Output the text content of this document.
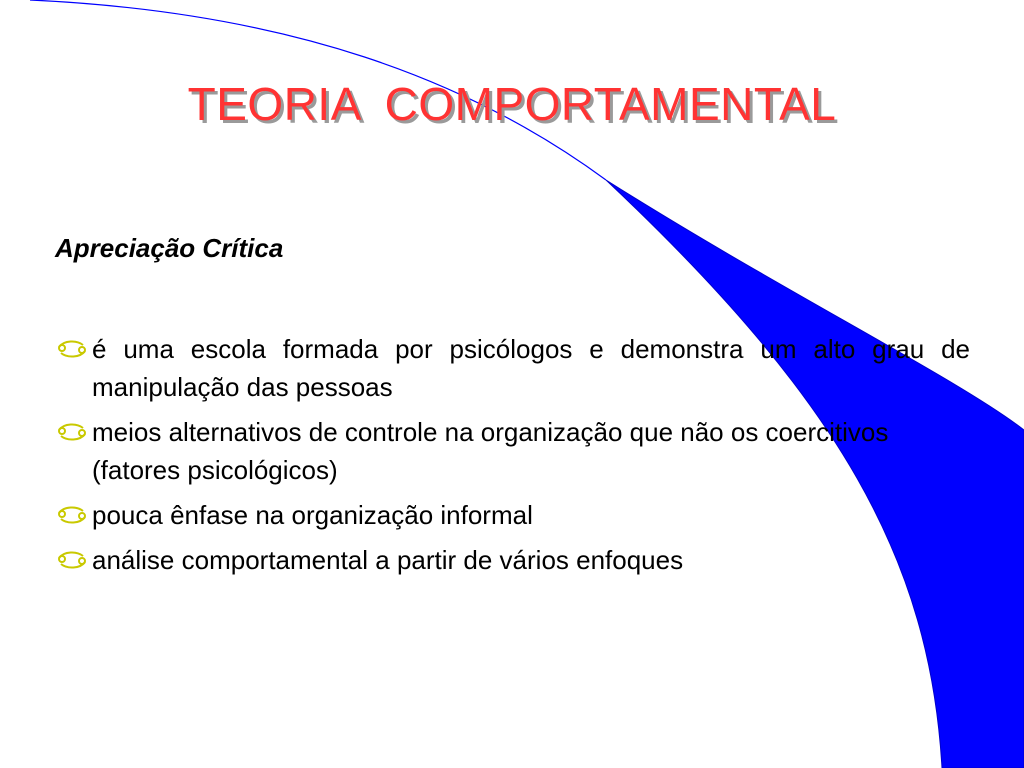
TEORIA COMPORTAMENTAL
Apreciação Crítica
é uma escola formada por psicólogos e demonstra um alto grau de manipulação das pessoas
meios alternativos de controle na organização que não os coercitivos (fatores psicológicos)
pouca ênfase na organização informal
análise comportamental a partir de vários enfoques
